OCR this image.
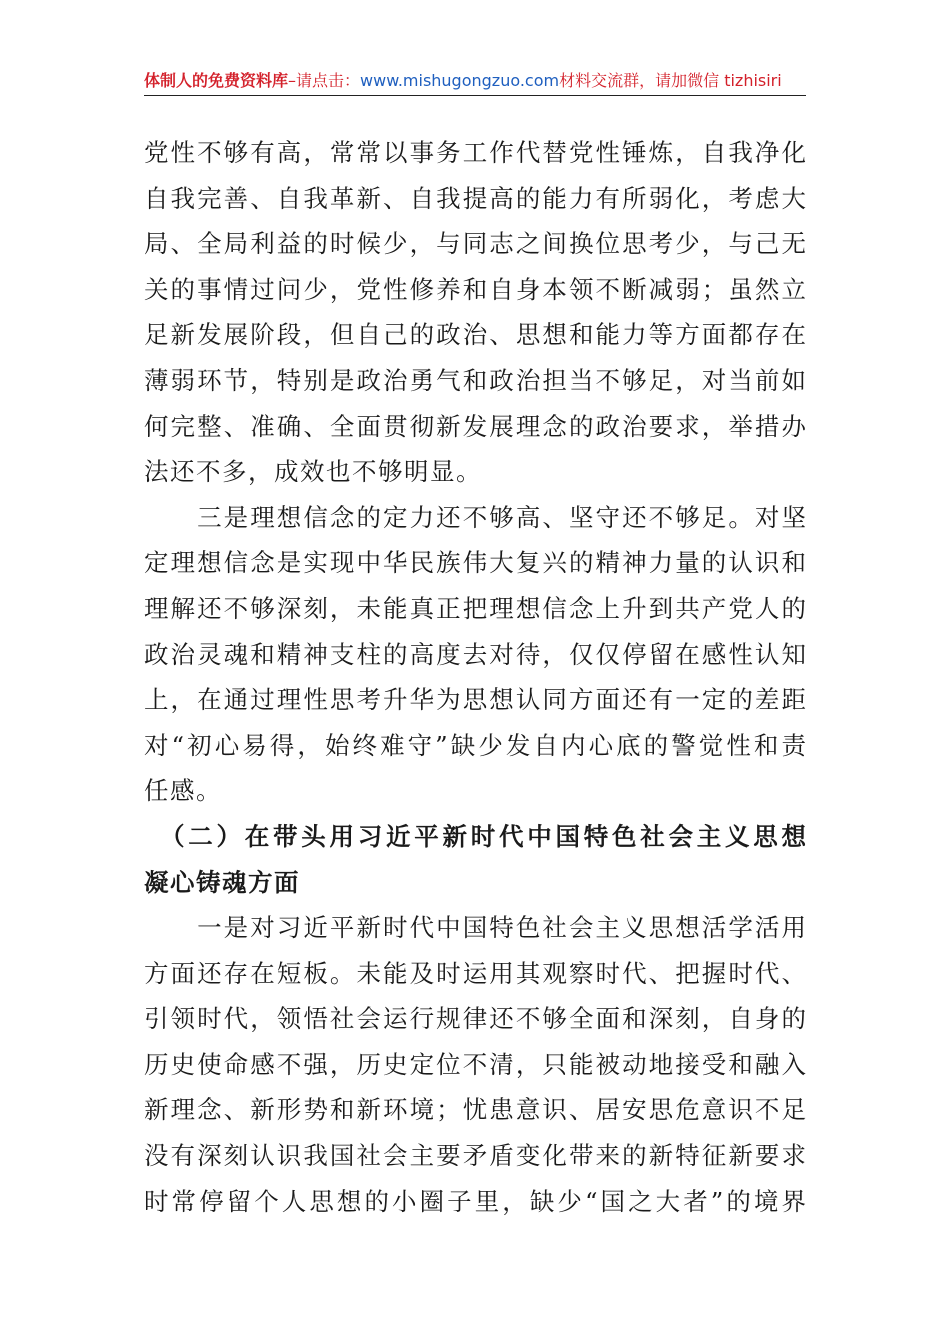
体制人的免费资料库–请点击：www.mishugongzuo.com材料交流群，请加微信 tizhisiri
党性不够有高，常常以事务工作代替党性锤炼，自我净化
自我完善、自我革新、自我提高的能力有所弱化，考虑大
局、全局利益的时候少，与同志之间换位思考少，与己无
关的事情过问少，党性修养和自身本领不断减弱；虽然立
足新发展阶段，但自己的政治、思想和能力等方面都存在
薄弱环节，特别是政治勇气和政治担当不够足，对当前如
何完整、准确、全面贯彻新发展理念的政治要求，举措办
法还不多，成效也不够明显。
　　三是理想信念的定力还不够高、坚守还不够足。对坚
定理想信念是实现中华民族伟大复兴的精神力量的认识和
理解还不够深刻，未能真正把理想信念上升到共产党人的
政治灵魂和精神支柱的高度去对待，仅仅停留在感性认知
上，在通过理性思考升华为思想认同方面还有一定的差距
对“初心易得，始终难守”缺少发自内心底的警觉性和责
任感。
　（二）在带头用习近平新时代中国特色社会主义思想
凝心铸魂方面
　　一是对习近平新时代中国特色社会主义思想活学活用
方面还存在短板。未能及时运用其观察时代、把握时代、
引领时代，领悟社会运行规律还不够全面和深刻，自身的
历史使命感不强，历史定位不清，只能被动地接受和融入
新理念、新形势和新环境；忧患意识、居安思危意识不足
没有深刻认识我国社会主要矛盾变化带来的新特征新要求
时常停留个人思想的小圈子里，缺少“国之大者”的境界
